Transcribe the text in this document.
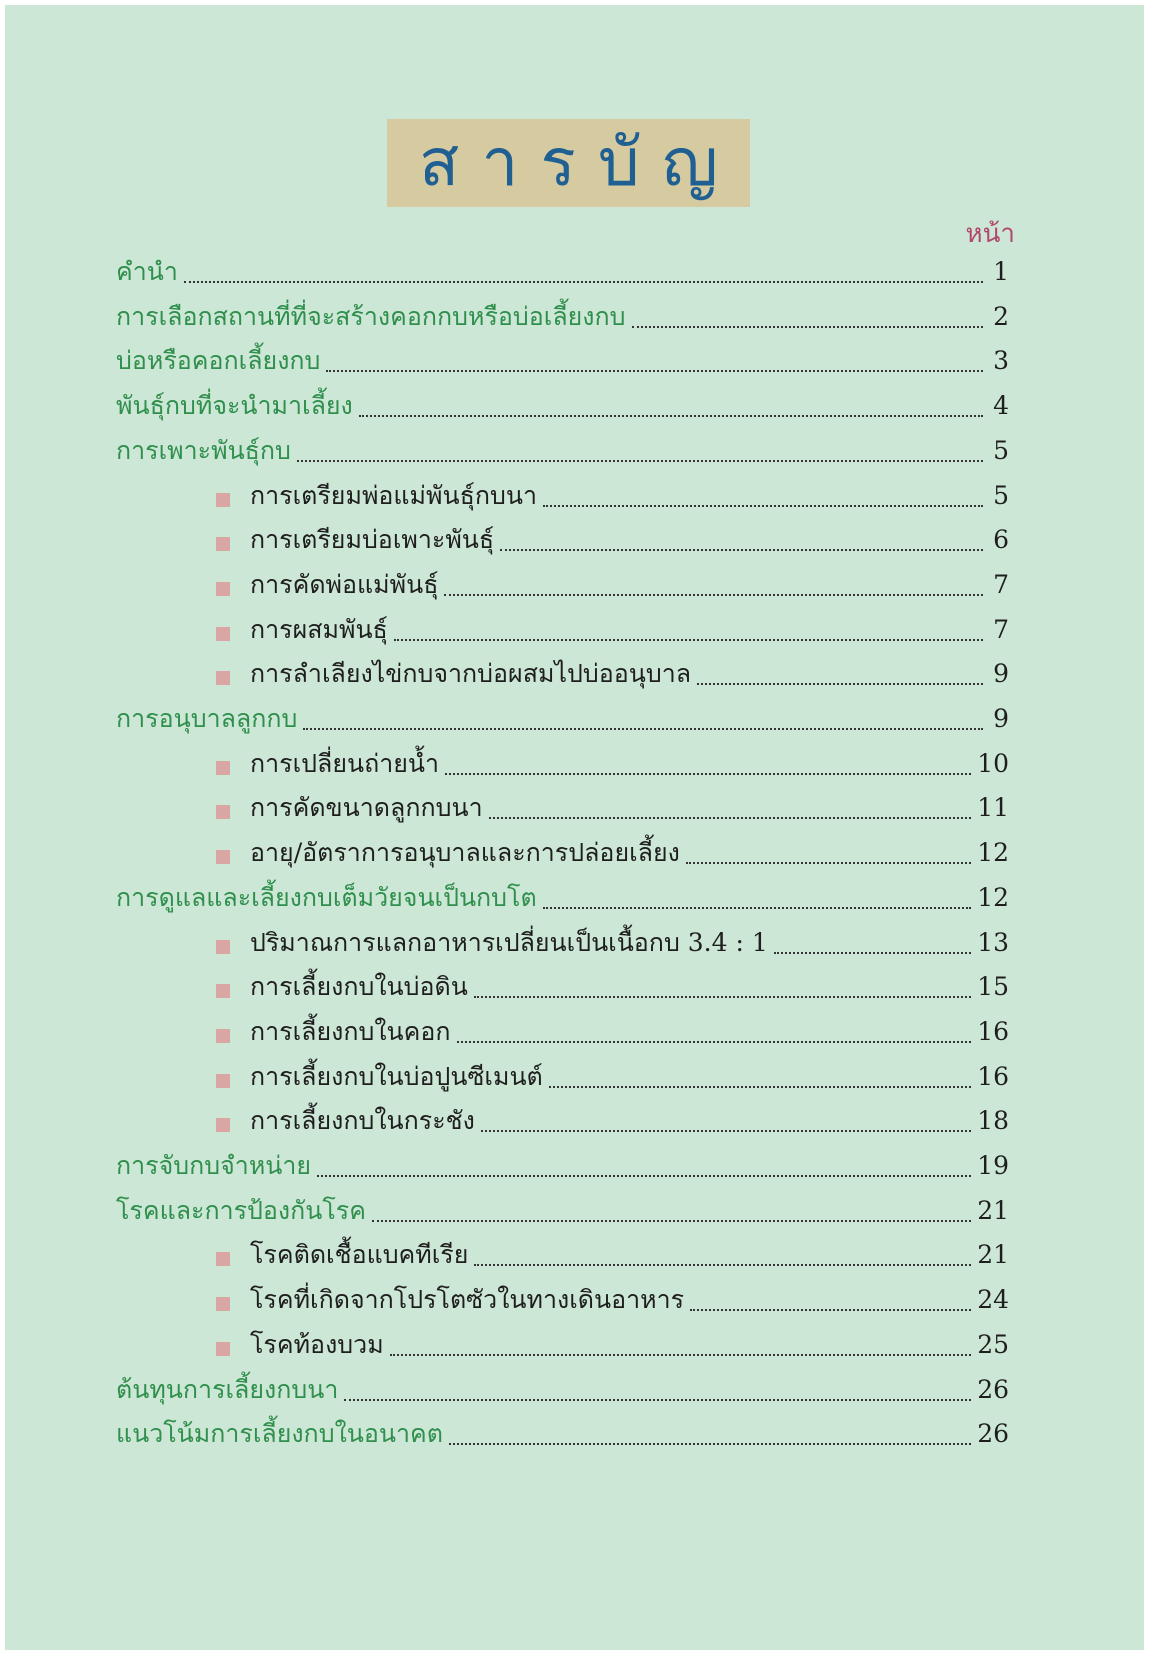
สารบัญ
หน้า
คำนำ	1
การเลือกสถานที่ที่จะสร้างคอกกบหรือบ่อเลี้ยงกบ	2
บ่อหรือคอกเลี้ยงกบ	3
พันธุ์กบที่จะนำมาเลี้ยง	4
การเพาะพันธุ์กบ	5
การเตรียมพ่อแม่พันธุ์กบนา	5
การเตรียมบ่อเพาะพันธุ์	6
การคัดพ่อแม่พันธุ์	7
การผสมพันธุ์	7
การลำเลียงไข่กบจากบ่อผสมไปบ่ออนุบาล	9
การอนุบาลลูกกบ	9
การเปลี่ยนถ่ายน้ำ	10
การคัดขนาดลูกกบนา	11
อายุ/อัตราการอนุบาลและการปล่อยเลี้ยง	12
การดูแลและเลี้ยงกบเต็มวัยจนเป็นกบโต	12
ปริมาณการแลกอาหารเปลี่ยนเป็นเนื้อกบ 3.4 : 1	13
การเลี้ยงกบในบ่อดิน	15
การเลี้ยงกบในคอก	16
การเลี้ยงกบในบ่อปูนซีเมนต์	16
การเลี้ยงกบในกระชัง	18
การจับกบจำหน่าย	19
โรคและการป้องกันโรค	21
โรคติดเชื้อแบคทีเรีย	21
โรคที่เกิดจากโปรโตซัวในทางเดินอาหาร	24
โรคท้องบวม	25
ต้นทุนการเลี้ยงกบนา	26
แนวโน้มการเลี้ยงกบในอนาคต	26
